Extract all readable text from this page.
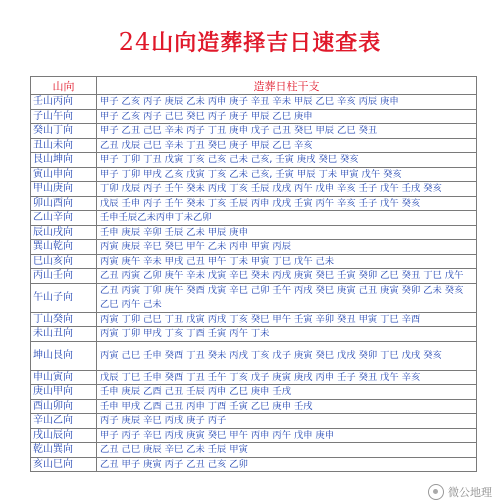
24山向造葬择吉日速查表
山向	造葬日柱干支
壬山丙向	甲子 乙亥 丙子 庚辰 乙未 丙申 庚子 辛丑 辛未 甲辰 乙巳 辛亥 丙辰 庚申
子山午向	甲子 乙亥 丙子 己巳 癸巳 丙子 庚子 甲辰 乙巳 庚申
癸山丁向	甲子 乙丑 己巳 辛未 丙子 丁丑 庚申 戊子 己丑 癸巳 甲辰 乙巳 癸丑
丑山未向	乙丑 戊辰 己巳 辛未 丁丑 癸巳 庚子 甲辰 乙巳 辛亥
艮山坤向	甲子 丁卯 丁丑 戊寅 丁亥 己亥 己未 己亥, 壬寅 庚戌 癸巳 癸亥
寅山申向	甲子 丁卯 甲戌 乙亥 戊寅 丁亥 乙未 己亥, 壬寅 甲辰 丁未 甲寅 戊午 癸亥
甲山庚向	丁卯 戊辰 丙子 壬午 癸未 丙戌 丁亥 壬辰 戊戌 丙午 戊申 辛亥 壬子 戊午 壬戌 癸亥
卯山酉向	戊辰 壬申 丙子 壬午 癸未 丁亥 壬辰 丙申 戊戌 壬寅 丙午 辛亥 壬子 戊午 癸亥
乙山辛向	壬申壬辰乙未丙申丁未乙卯
辰山戌向	壬申 庚辰 辛卯 壬辰 乙未 甲辰 庚申
巽山乾向	丙寅 庚辰 辛巳 癸巳 甲午 乙未 丙申 甲寅 丙辰
巳山亥向	丙寅 庚午 辛未 甲戌 己丑 甲午 丁未 甲寅 丁巳 戊午 己未
丙山壬向	乙丑 丙寅 乙卯 庚午 辛未 戊寅 辛巳 癸未 丙戌 庚寅 癸巳 壬寅 癸卯 乙巳 癸丑 丁巳 戊午
午山子向	乙丑 丙寅 丁卯 庚午 癸酉 戊寅 辛巳 己卯 壬午 丙戌 癸巳 庚寅 己丑 庚寅 癸卯 乙未 癸亥 乙巳 丙午 己未
丁山癸向	丙寅 丁卯 己巳 丁丑 戊寅 丙戌 丁亥 癸巳 甲午 壬寅 辛卯 癸丑 甲寅 丁巳 辛酉
未山丑向	丙寅 丁卯 甲戌 丁亥 丁酉 壬寅 丙午 丁未
坤山艮向	丙寅 己巳 壬申 癸酉 丁丑 癸未 丙戌 丁亥 戊子 庚寅 癸巳 戊戌 癸卯 丁巳 戊戌 癸亥
申山寅向	戊辰 丁巳 壬申 癸酉 丁丑 壬午 丁亥 戊子 庚寅 庚戌 丙申 壬子 癸丑 戊午 辛亥
庚山甲向	壬申 庚辰 乙酉 己丑 壬辰 丙申 乙巳 庚申 壬戌
酉山卯向	壬申 甲戌 乙酉 己丑 丙申 丁酉 壬寅 乙巳 庚申 壬戌
辛山乙向	丙子 庚辰 辛巳 丙戌 庚子 丙子
戌山辰向	甲子 丙子 辛巳 丙戌 庚寅 癸巳 甲午 丙申 丙午 戊申 庚申
乾山巽向	乙丑 己巳 庚辰 辛巳 乙未 壬辰 甲寅
亥山巳向	乙丑 甲子 庚寅 丙子 乙丑 己亥 乙卯
微公地理
